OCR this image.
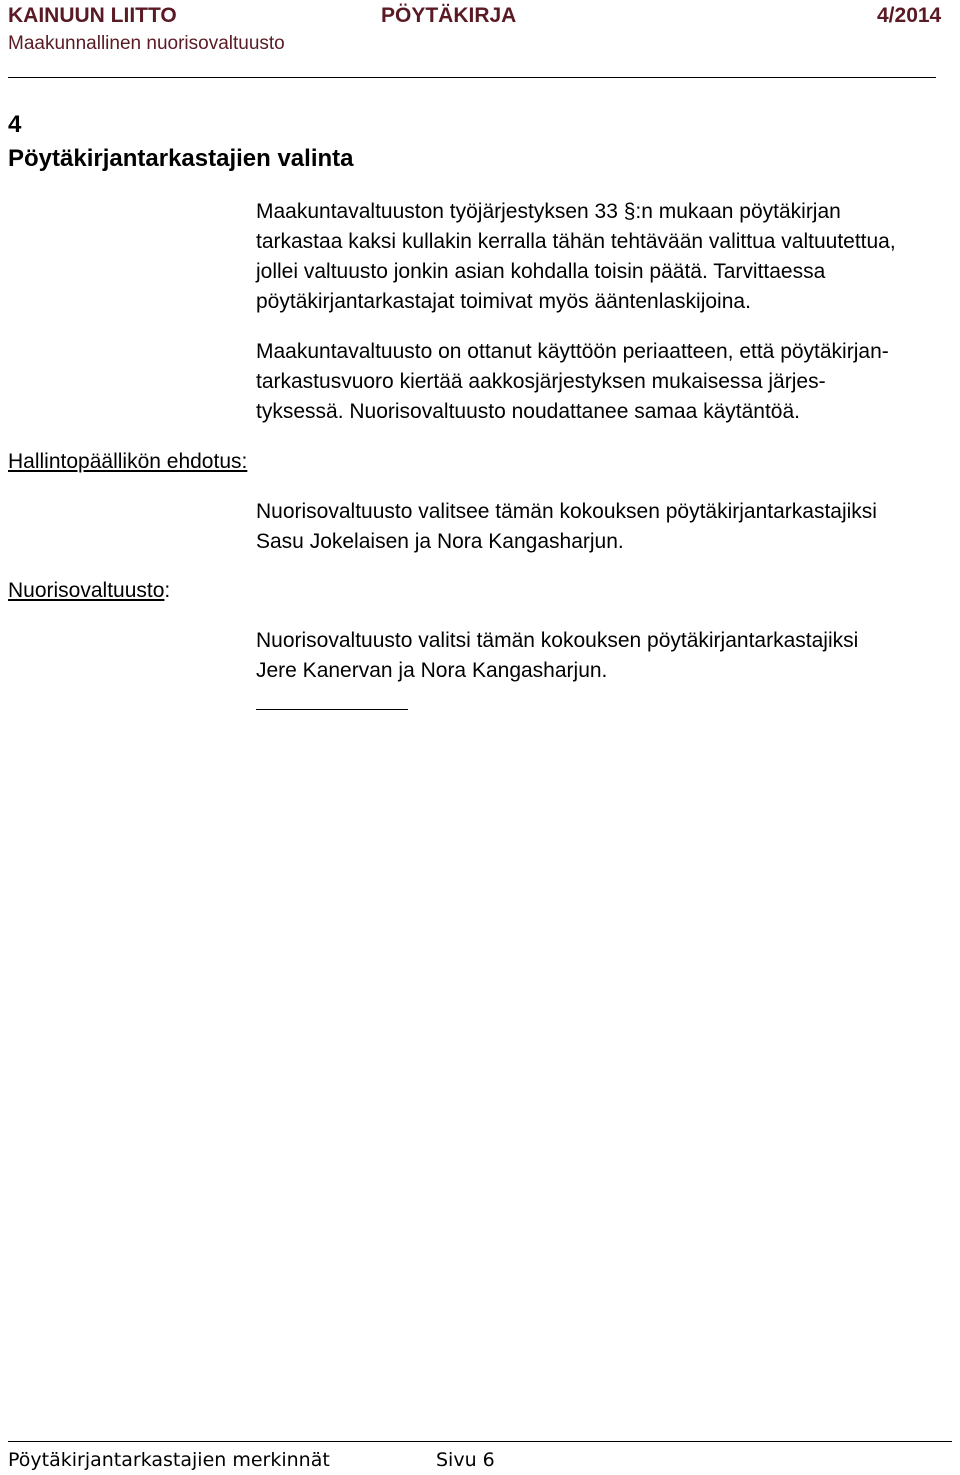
KAINUUN LIITTO	PÖYTÄKIRJA	4/2014
Maakunnallinen nuorisovaltuusto
4
Pöytäkirjantarkastajien valinta

Maakuntavaltuuston työjärjestyksen 33 §:n mukaan pöytäkirjan

tarkastaa kaksi kullakin kerralla tähän tehtävään valittua valtuutettua,

jollei valtuusto jonkin asian kohdalla toisin päätä. Tarvittaessa

pöytäkirjantarkastajat toimivat myös ääntenlaskijoina.

Maakuntavaltuusto on ottanut käyttöön periaatteen, että pöytäkirjan-

tarkastusvuoro kiertää aakkosjärjestyksen mukaisessa järjes-

tyksessä. Nuorisovaltuusto noudattanee samaa käytäntöä.

Hallintopäällikön ehdotus:

Nuorisovaltuusto valitsee tämän kokouksen pöytäkirjantarkastajiksi

Sasu Jokelaisen ja Nora Kangasharjun.

Nuorisovaltuusto:

Nuorisovaltuusto valitsi tämän kokouksen pöytäkirjantarkastajiksi

Jere Kanervan ja Nora Kangasharjun.

Pöytäkirjantarkastajien merkinnät	Sivu 6
